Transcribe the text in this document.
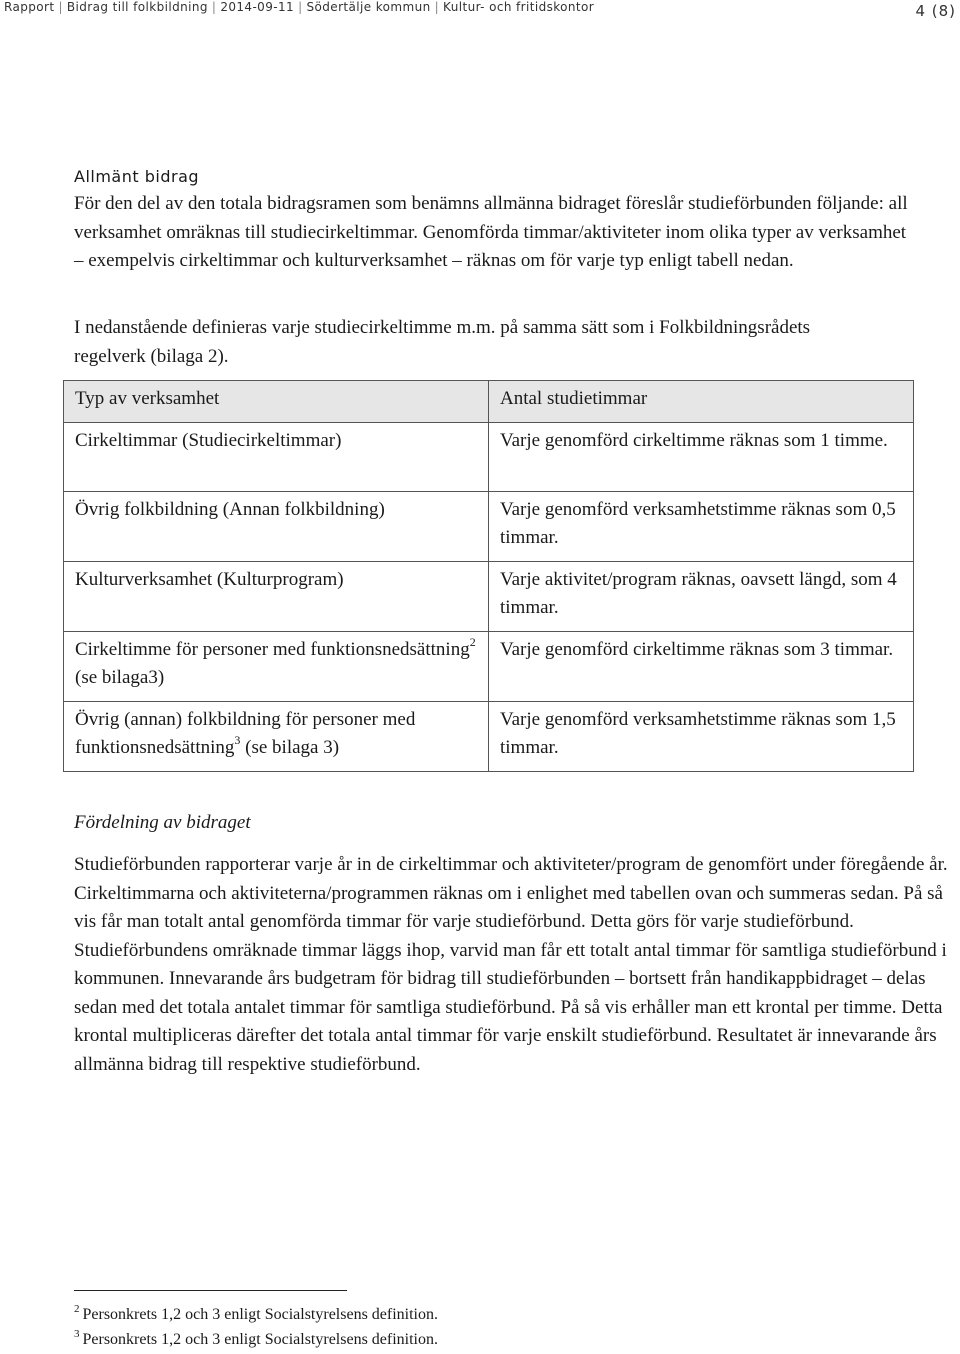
Rapport | Bidrag till folkbildning | 2014-09-11 | Södertälje kommun | Kultur- och fritidskontor	4 (8)
Allmänt bidrag

För den del av den totala bidragsramen som benämns allmänna bidraget föreslår studieförbunden följande: all verksamhet omräknas till studiecirkeltimmar. Genomförda timmar/aktiviteter inom olika typer av verksamhet – exempelvis cirkeltimmar och kulturverksamhet – räknas om för varje typ enligt tabell nedan.

I nedanstående definieras varje studiecirkeltimme m.m. på samma sätt som i Folkbildningsrådets regelverk (bilaga 2).

Typ av verksamhet	Antal studietimmar
Cirkeltimmar (Studiecirkeltimmar)	Varje genomförd cirkeltimme räknas som 1 timme.
Övrig folkbildning (Annan folkbildning)	Varje genomförd verksamhetstimme räknas som 0,5 timmar.
Kulturverksamhet (Kulturprogram)	Varje aktivitet/program räknas, oavsett längd, som 4 timmar.
Cirkeltimme för personer med funktionsnedsättning$^2$ (se bilaga3)	Varje genomförd cirkeltimme räknas som 3 timmar.
Övrig (annan) folkbildning för personer med funktionsnedsättning$^3$ (se bilaga 3)	Varje genomförd verksamhetstimme räknas som 1,5 timmar.
Fördelning av bidraget

Studieförbunden rapporterar varje år in de cirkeltimmar och aktiviteter/program de genomfört under föregående år. Cirkeltimmarna och aktiviteterna/programmen räknas om i enlighet med tabellen ovan och summeras sedan. På så vis får man totalt antal genomförda timmar för varje studieförbund. Detta görs för varje studieförbund. Studieförbundens omräknade timmar läggs ihop, varvid man får ett totalt antal timmar för samtliga studieförbund i kommunen. Innevarande års budgetram för bidrag till studieförbunden – bortsett från handikappbidraget – delas sedan med det totala antalet timmar för samtliga studieförbund. På så vis erhåller man ett krontal per timme. Detta krontal multipliceras därefter det totala antal timmar för varje enskilt studieförbund. Resultatet är innevarande års allmänna bidrag till respektive studieförbund.

$^2$ Personkrets 1,2 och 3 enligt Socialstyrelsens definition.
$^3$ Personkrets 1,2 och 3 enligt Socialstyrelsens definition.
